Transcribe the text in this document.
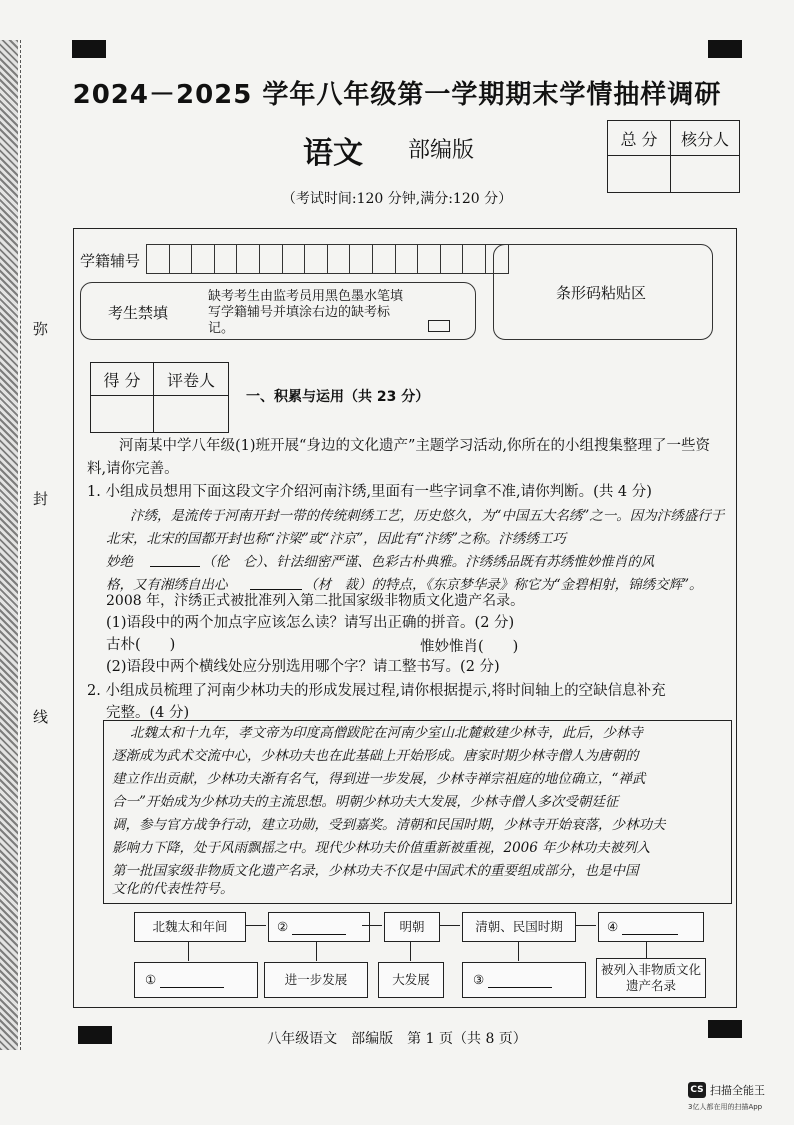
弥
封
线
2024－2025 学年八年级第一学期期末学情抽样调研
语文 部编版
（考试时间:120 分钟,满分:120 分）
总 分	核分人

学籍辅号
考生禁填
缺考考生由监考员用黑色墨水笔填写学籍辅号并填涂右边的缺考标记。
条形码粘贴区
得 分	评卷人

一、积累与运用（共 23 分）
河南某中学八年级(1)班开展“身边的文化遗产”主题学习活动,你所在的小组搜集整理了一些资料,请你完善。
1. 小组成员想用下面这段文字介绍河南汴绣,里面有一些字词拿不准,请你判断。(共 4 分)
汴绣，是流传于河南开封一带的传统刺绣工艺，历史悠久，为“中国五大名绣”之一。因为汴绣盛行于北宋，北宋的国都开封也称“汴梁”或“汴京”，因此有“汴绣”之称。汴绣绣工巧
妙绝	（伦　仑）、针法细密严谨、色彩古朴典雅。汴绣绣品既有苏绣惟妙惟肖的风
格，又有湘绣自出心	（材　裁）的特点，《东京梦华录》称它为“金碧相射，锦绣交辉”。
2008 年，汴绣正式被批准列入第二批国家级非物质文化遗产名录。
(1)语段中的两个加点字应该怎么读？请写出正确的拼音。(2 分)
古朴(　　)	惟妙惟肖(　　)
(2)语段中两个横线处应分别选用哪个字？请工整书写。(2 分)
2. 小组成员梳理了河南少林功夫的形成发展过程,请你根据提示,将时间轴上的空缺信息补充
完整。(4 分)
北魏太和十九年，孝文帝为印度高僧跋陀在河南少室山北麓敕建少林寺，此后，少林寺
逐渐成为武术交流中心，少林功夫也在此基础上开始形成。唐家时期少林寺僧人为唐朝的
建立作出贡献，少林功夫渐有名气，得到进一步发展，少林寺禅宗祖庭的地位确立，“禅武
合一”开始成为少林功夫的主流思想。明朝少林功夫大发展，少林寺僧人多次受朝廷征
调，参与官方战争行动，建立功勋，受到嘉奖。清朝和民国时期，少林寺开始衰落，少林功夫
影响力下降，处于风雨飘摇之中。现代少林功夫价值重新被重视，2006 年少林功夫被列入
第一批国家级非物质文化遗产名录，少林功夫不仅是中国武术的重要组成部分，也是中国
文化的代表性符号。
北魏太和年间	②	明朝	清朝、民国时期	④
①	进一步发展	大发展	③
被列入非物质文化遗产名录
八年级语文　部编版　第 1 页（共 8 页）
CS 扫描全能王
3亿人都在用的扫描App
